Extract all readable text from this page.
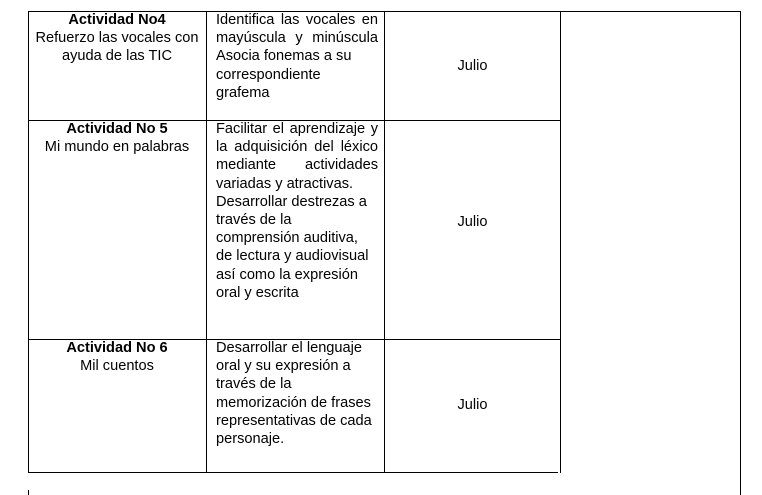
Actividad No4
Refuerzo las vocales con ayuda de las TIC
Identifica las vocales en mayúscula y minúscula
Asocia fonemas a su correspondiente grafema
Julio
Actividad No 5
Mi mundo en palabras
Facilitar el aprendizaje y la adquisición del léxico mediante actividades variadas y atractivas.
Desarrollar destrezas a través de la comprensión auditiva, de lectura y audiovisual así como la expresión oral y escrita
Julio
Actividad No 6
Mil cuentos
Desarrollar el lenguaje oral y su expresión a través de la memorización de frases representativas de cada personaje.
Julio
